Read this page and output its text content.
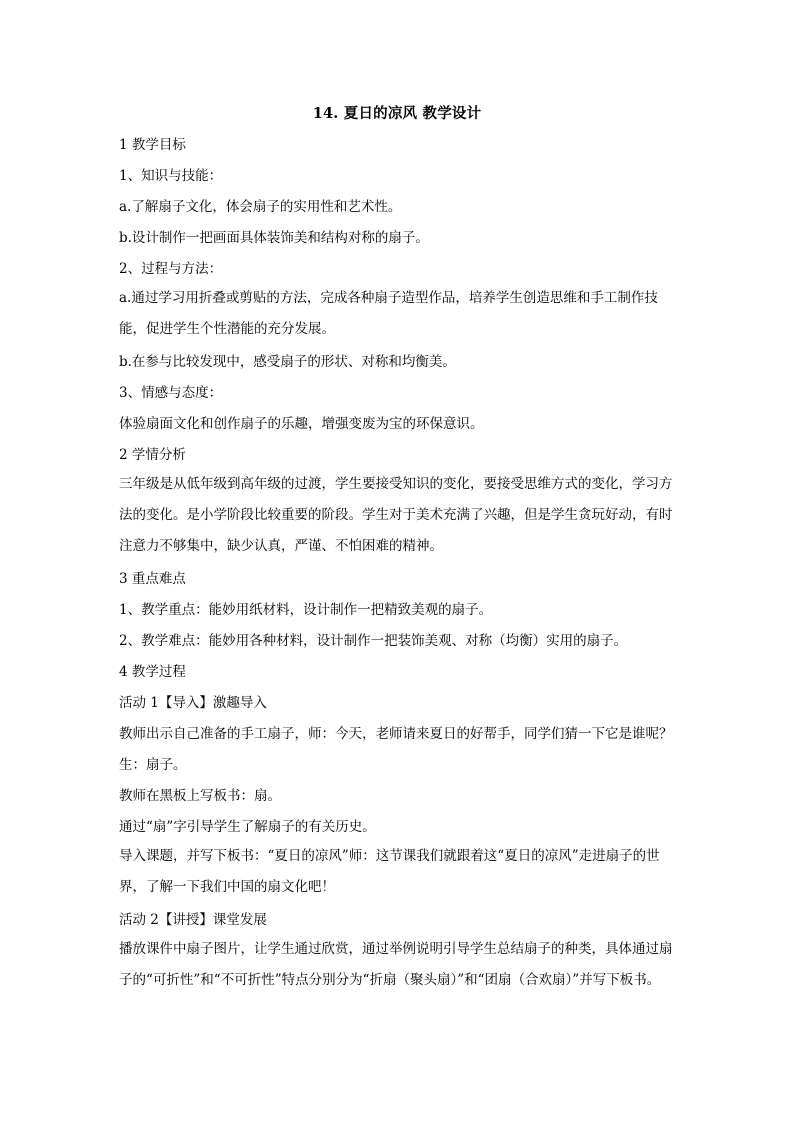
14. 夏日的凉风 教学设计
1 教学目标
1、知识与技能：
a.了解扇子文化，体会扇子的实用性和艺术性。
b.设计制作一把画面具体装饰美和结构对称的扇子。
2、过程与方法：
a.通过学习用折叠或剪贴的方法，完成各种扇子造型作品，培养学生创造思维和手工制作技能，促进学生个性潜能的充分发展。
b.在参与比较发现中，感受扇子的形状、对称和均衡美。
3、情感与态度：
体验扇面文化和创作扇子的乐趣，增强变废为宝的环保意识。
2 学情分析
三年级是从低年级到高年级的过渡，学生要接受知识的变化，要接受思维方式的变化，学习方法的变化。是小学阶段比较重要的阶段。学生对于美术充满了兴趣，但是学生贪玩好动，有时注意力不够集中，缺少认真，严谨、不怕困难的精神。
3 重点难点
1、教学重点：能妙用纸材料，设计制作一把精致美观的扇子。
2、教学难点：能妙用各种材料，设计制作一把装饰美观、对称（均衡）实用的扇子。
4 教学过程
活动 1【导入】激趣导入
教师出示自己准备的手工扇子，师：今天，老师请来夏日的好帮手，同学们猜一下它是谁呢？
生：扇子。
教师在黑板上写板书：扇。
通过“扇”字引导学生了解扇子的有关历史。
导入课题，并写下板书：“夏日的凉风”师：这节课我们就跟着这“夏日的凉风”走进扇子的世界，了解一下我们中国的扇文化吧！
活动 2【讲授】课堂发展
播放课件中扇子图片，让学生通过欣赏，通过举例说明引导学生总结扇子的种类，具体通过扇子的“可折性”和“不可折性”特点分别分为“折扇（聚头扇）”和“团扇（合欢扇）”并写下板书。
